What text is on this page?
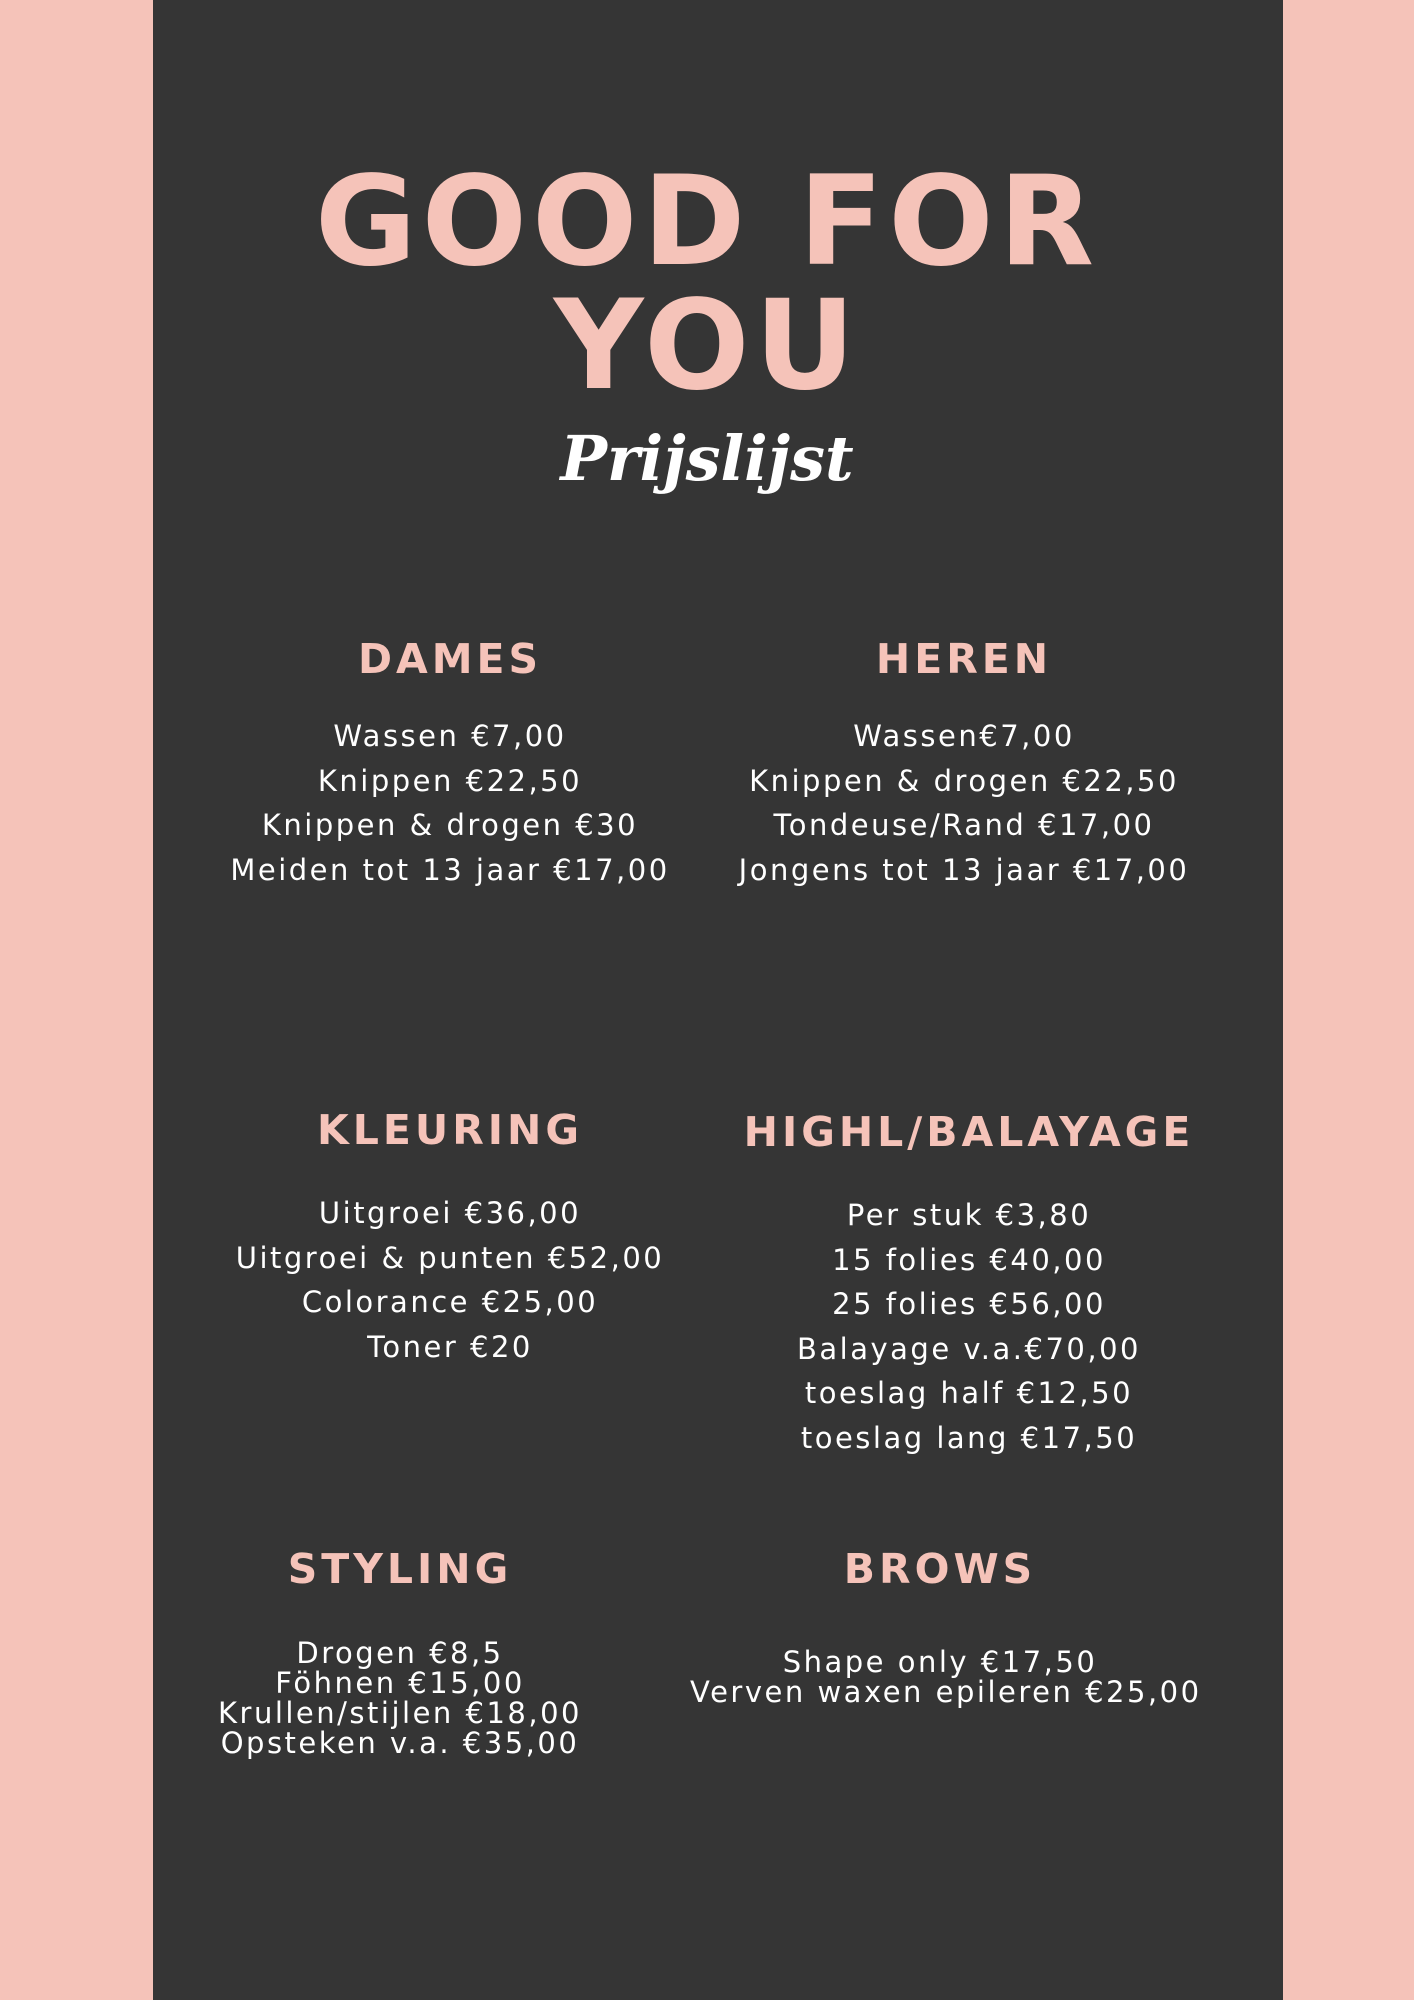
GOOD FOR
YOU
Prijslijst
DAMES
Wassen €7,00
Knippen €22,50
Knippen & drogen €30
Meiden tot 13 jaar €17,00
HEREN
Wassen€7,00
Knippen & drogen €22,50
Tondeuse/Rand €17,00
Jongens tot 13 jaar €17,00
KLEURING
Uitgroei €36,00
Uitgroei & punten €52,00
Colorance €25,00
Toner €20
HIGHL/BALAYAGE
Per stuk €3,80
15 folies €40,00
25 folies €56,00
Balayage v.a.€70,00
toeslag half €12,50
toeslag lang €17,50
STYLING
Drogen €8,5
Föhnen €15,00
Krullen/stijlen €18,00
Opsteken v.a. €35,00
BROWS
Shape only €17,50
Verven waxen epileren €25,00
